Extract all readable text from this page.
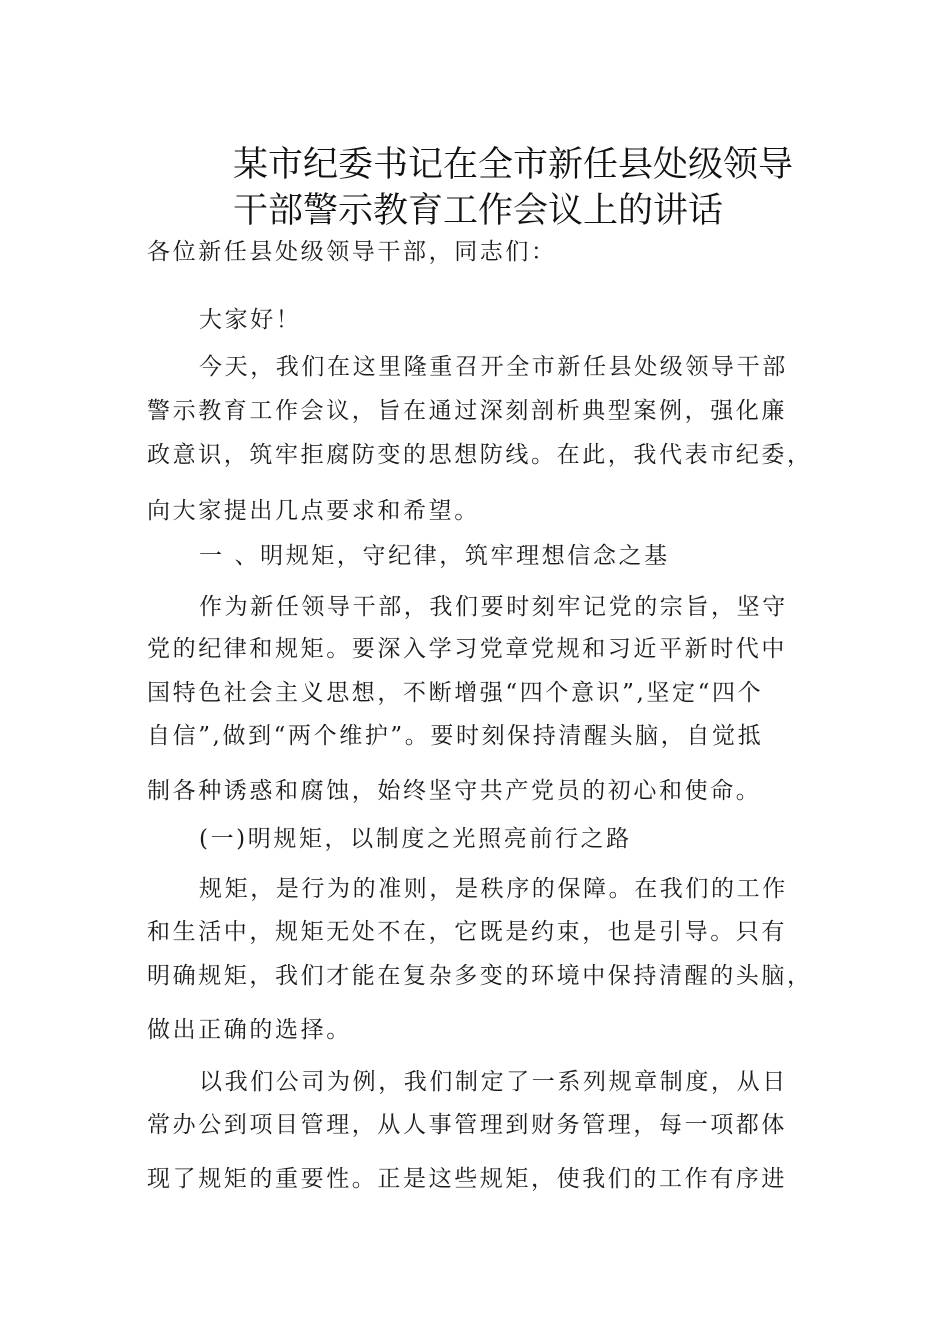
某市纪委书记在全市新任县处级领导
干部警示教育工作会议上的讲话
各位新任县处级领导干部，同志们：
大家好！
今天，我们在这里隆重召开全市新任县处级领导干部
警示教育工作会议，旨在通过深刻剖析典型案例，强化廉
政意识，筑牢拒腐防变的思想防线。在此，我代表市纪委，
向大家提出几点要求和希望。
一 、明规矩，守纪律，筑牢理想信念之基
作为新任领导干部，我们要时刻牢记党的宗旨，坚守
党的纪律和规矩。要深入学习党章党规和习近平新时代中
国特色社会主义思想，不断增强“四个意识”,坚定“四个
自信”,做到“两个维护”。要时刻保持清醒头脑，自觉抵
制各种诱惑和腐蚀，始终坚守共产党员的初心和使命。
(一)明规矩，以制度之光照亮前行之路
规矩，是行为的准则，是秩序的保障。在我们的工作
和生活中，规矩无处不在，它既是约束，也是引导。只有
明确规矩，我们才能在复杂多变的环境中保持清醒的头脑，
做出正确的选择。
以我们公司为例，我们制定了一系列规章制度，从日
常办公到项目管理，从人事管理到财务管理，每一项都体
现了规矩的重要性。正是这些规矩，使我们的工作有序进
